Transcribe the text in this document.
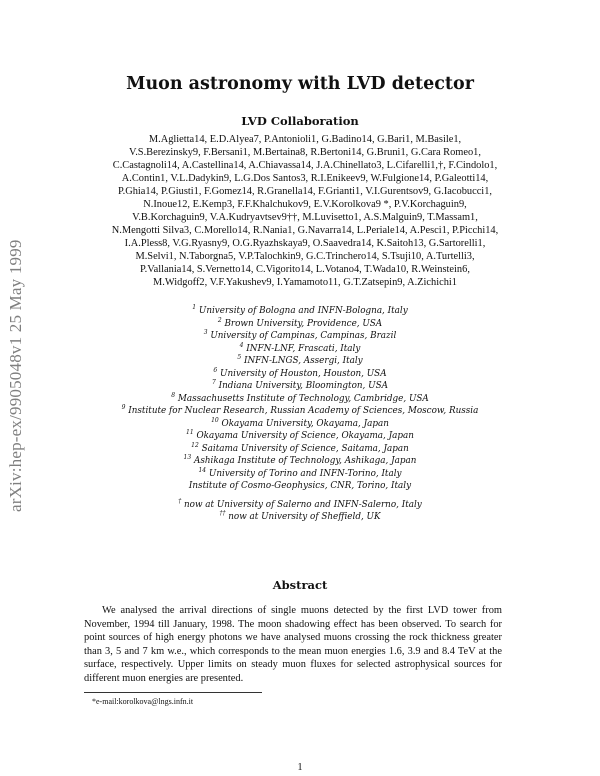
arXiv:hep-ex/9905048v1 25 May 1999
Muon astronomy with LVD detector
LVD Collaboration
M.Aglietta14, E.D.Alyea7, P.Antonioli1, G.Badino14, G.Bari1, M.Basile1,
V.S.Berezinsky9, F.Bersani1, M.Bertaina8, R.Bertoni14, G.Bruni1, G.Cara Romeo1,
C.Castagnoli14, A.Castellina14, A.Chiavassa14, J.A.Chinellato3, L.Cifarelli1,†, F.Cindolo1,
A.Contin1, V.L.Dadykin9, L.G.Dos Santos3, R.I.Enikeev9, W.Fulgione14, P.Galeotti14,
P.Ghia14, P.Giusti1, F.Gomez14, R.Granella14, F.Grianti1, V.I.Gurentsov9, G.Iacobucci1,
N.Inoue12, E.Kemp3, F.F.Khalchukov9, E.V.Korolkova9 *, P.V.Korchaguin9,
V.B.Korchaguin9, V.A.Kudryavtsev9††, M.Luvisetto1, A.S.Malguin9, T.Massam1,
N.Mengotti Silva3, C.Morello14, R.Nania1, G.Navarra14, L.Periale14, A.Pesci1, P.Picchi14,
I.A.Pless8, V.G.Ryasny9, O.G.Ryazhskaya9, O.Saavedra14, K.Saitoh13, G.Sartorelli1,
M.Selvi1, N.Taborgna5, V.P.Talochkin9, G.C.Trinchero14, S.Tsuji10, A.Turtelli3,
P.Vallania14, S.Vernetto14, C.Vigorito14, L.Votano4, T.Wada10, R.Weinstein6,
M.Widgoff2, V.F.Yakushev9, I.Yamamoto11, G.T.Zatsepin9, A.Zichichi1
$^1$ University of Bologna and INFN-Bologna, Italy
$^2$ Brown University, Providence, USA
$^3$ University of Campinas, Campinas, Brazil
$^4$ INFN-LNF, Frascati, Italy
$^5$ INFN-LNGS, Assergi, Italy
$^6$ University of Houston, Houston, USA
$^7$ Indiana University, Bloomington, USA
$^8$ Massachusetts Institute of Technology, Cambridge, USA
$^9$ Institute for Nuclear Research, Russian Academy of Sciences, Moscow, Russia
$^{10}$ Okayama University, Okayama, Japan
$^{11}$ Okayama University of Science, Okayama, Japan
$^{12}$ Saitama University of Science, Saitama, Japan
$^{13}$ Ashikaga Institute of Technology, Ashikaga, Japan
$^{14}$ University of Torino and INFN-Torino, Italy
Institute of Cosmo-Geophysics, CNR, Torino, Italy
† now at University of Salerno and INFN-Salerno, Italy
†† now at University of Sheffield, UK
Abstract
We analysed the arrival directions of single muons detected by the first LVD tower from November, 1994 till January, 1998. The moon shadowing effect has been observed. To search for point sources of high energy photons we have analysed muons crossing the rock thickness greater than 3, 5 and 7 km w.e., which corresponds to the mean muon energies 1.6, 3.9 and 8.4 TeV at the surface, respectively. Upper limits on steady muon fluxes for selected astrophysical sources for different muon energies are presented.
*e-mail:korolkova@lngs.infn.it
1
